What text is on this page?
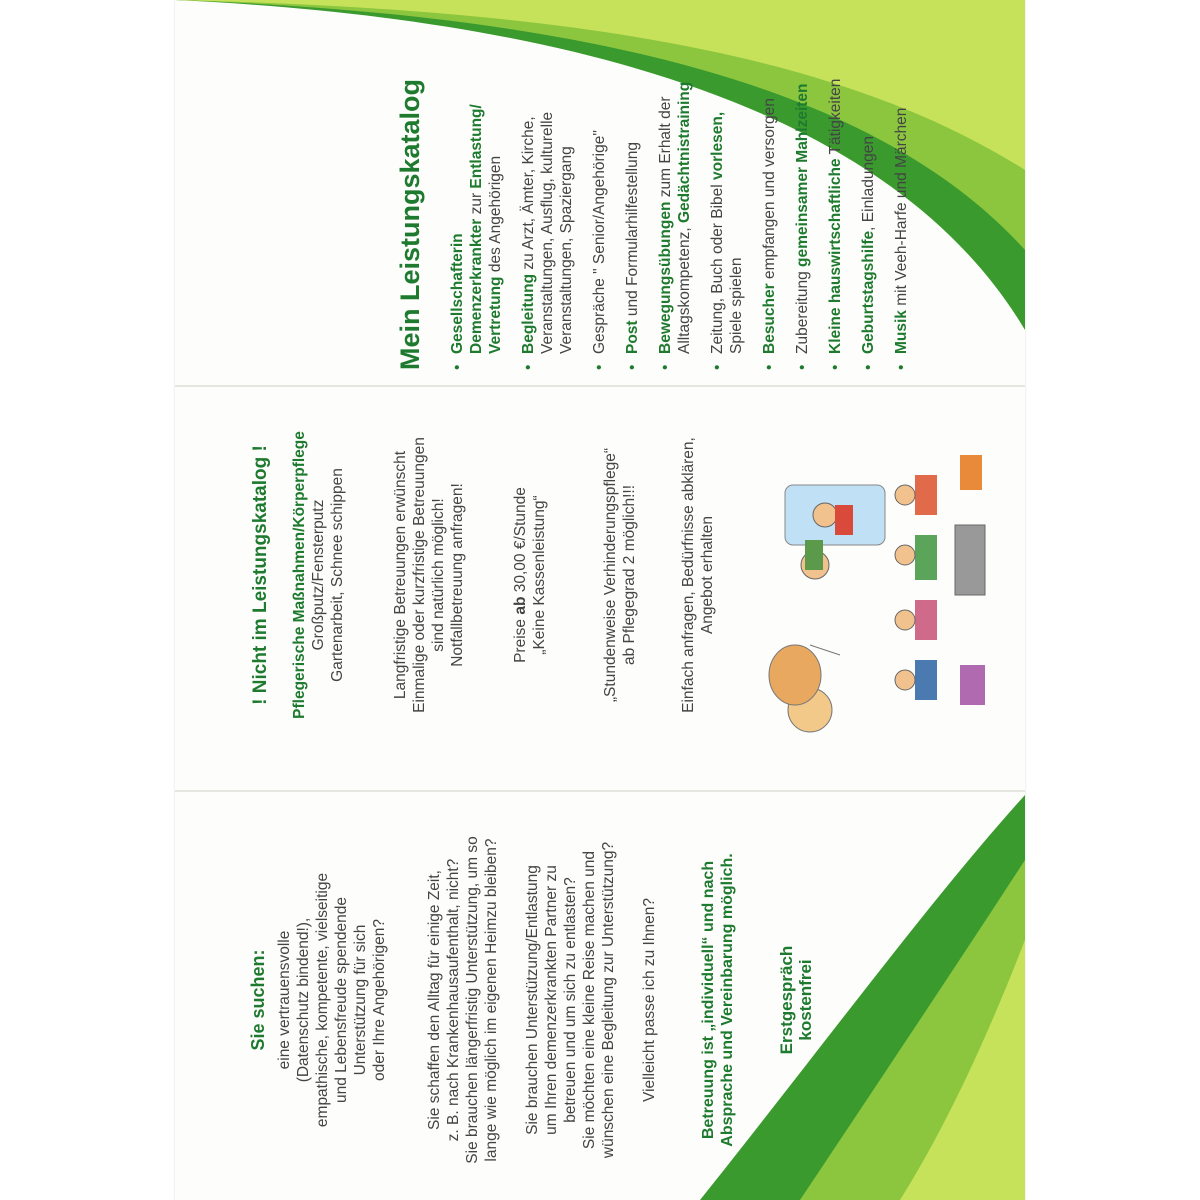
Mein Leistungskatalog • Gesellschafterin Demenzerkrankter zur Entlastung/
Vertretung des Angehörigen
• Begleitung zu Arzt, Ämter, Kirche, Veranstaltungen, Ausflug, kulturelle Veranstaltungen, Spaziergang • Gespräche " Senior/Angehörige" • Post und Formularhilfestellung • Bewegungsübungen zum Erhalt der
Alltagskompetenz, Gedächtnistraining
• Zeitung, Buch oder Bibel vorlesen,
Spiele spielen • Besucher empfangen und versorgen
• Zubereitung gemeinsamer Mahlzeiten • Kleine hauswirtschaftliche Tätigkeiten
• Geburtstagshilfe, Einladungen
• Musik mit Veeh-Harfe und Märchen
! Nicht im Leistungskatalog ! Pflegerische Maßnahmen/Körperpflege Großputz/Fensterputz Gartenarbeit, Schnee schippen	Langfristige Betreuungen erwünscht Einmalige oder kurzfristige Betreuungen sind natürlich möglich! Notfallbetreuung anfragen!	Preise ab 30,00 €/Stunde „Keine Kassenleistung“	„Stundenweise Verhinderungspflege“ ab Pflegegrad 2 möglich!!!	Einfach anfragen, Bedürfnisse abklären, Angebot erhalten

Sie suchen: eine vertrauensvolle (Datenschutz bindend!), empathische, kompetente, vielseitige und Lebensfreude spendende Unterstützung für sich oder Ihre Angehörigen? Sie schaffen den Alltag für einige Zeit, z. B. nach Krankenhausaufenthalt, nicht? Sie brauchen längerfristig Unterstützung, um so lange wie möglich im eigenen Heimzu bleiben? Sie brauchen Unterstützung/Entlastung um Ihren demenzerkrankten Partner zu betreuen und um sich zu entlasten? Sie möchten eine kleine Reise machen und wünschen eine Begleitung zur Unterstützung? Vielleicht passe ich zu Ihnen?	Betreuung ist „individuell“ und nach Absprache und Vereinbarung möglich. Erstgespräch
kostenfrei
